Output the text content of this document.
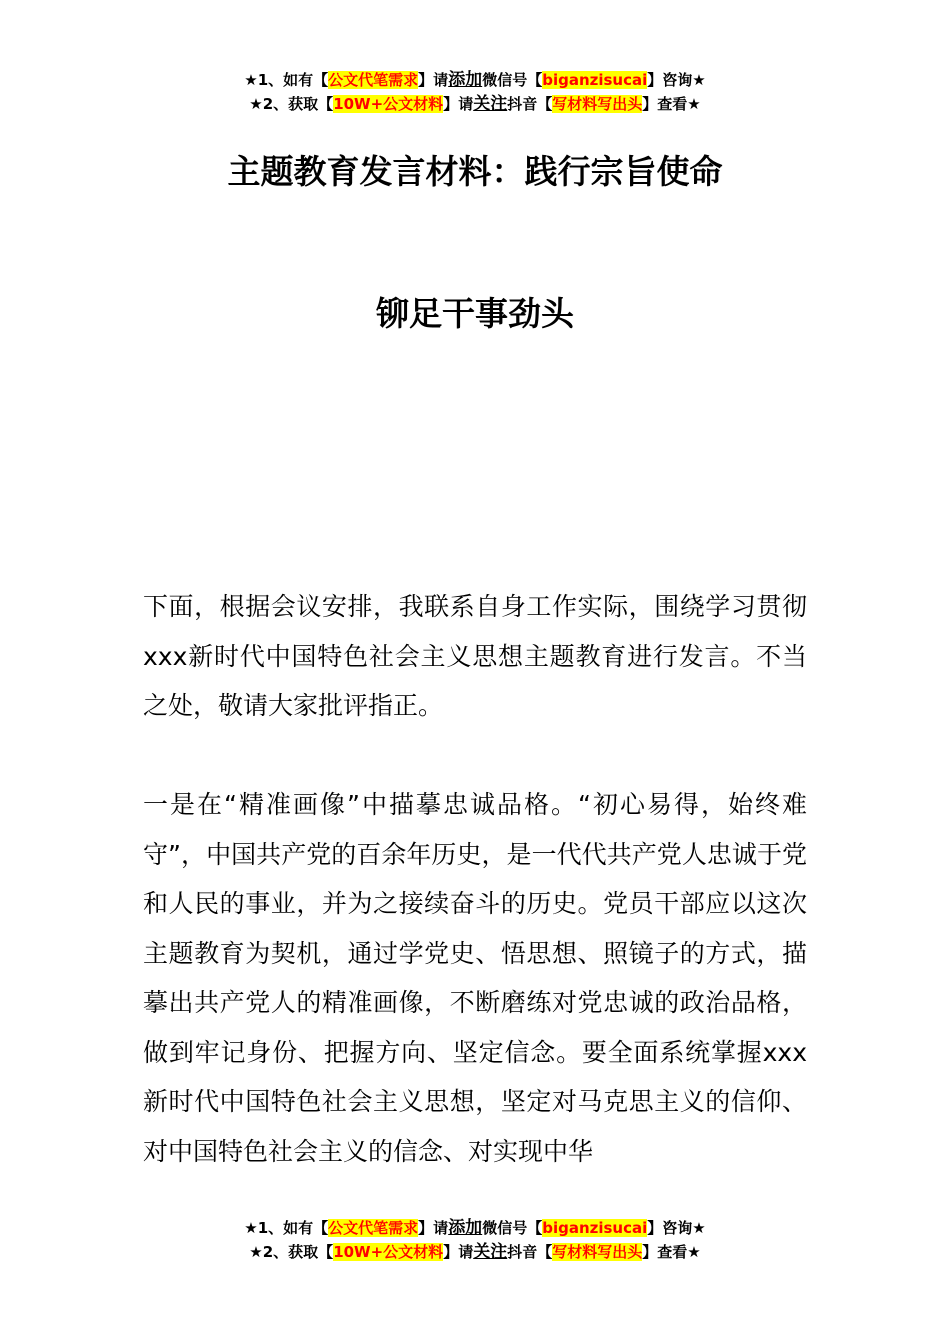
★1、如有【公文代笔需求】请添加微信号【biganzisucai】咨询★
★2、获取【10W+公文材料】请关注抖音【写材料写出头】查看★
主题教育发言材料：践行宗旨使命
铆足干事劲头

下面，根据会议安排，我联系自身工作实际，围绕学习贯彻xxx新时代中国特色社会主义思想主题教育进行发言。不当之处，敬请大家批评指正。

一是在“精准画像”中描摹忠诚品格。“初心易得，始终难守”，中国共产党的百余年历史，是一代代共产党人忠诚于党和人民的事业，并为之接续奋斗的历史。党员干部应以这次主题教育为契机，通过学党史、悟思想、照镜子的方式，描摹出共产党人的精准画像，不断磨练对党忠诚的政治品格，做到牢记身份、把握方向、坚定信念。要全面系统掌握xxx新时代中国特色社会主义思想，坚定对马克思主义的信仰、对中国特色社会主义的信念、对实现中华

★1、如有【公文代笔需求】请添加微信号【biganzisucai】咨询★
★2、获取【10W+公文材料】请关注抖音【写材料写出头】查看★
